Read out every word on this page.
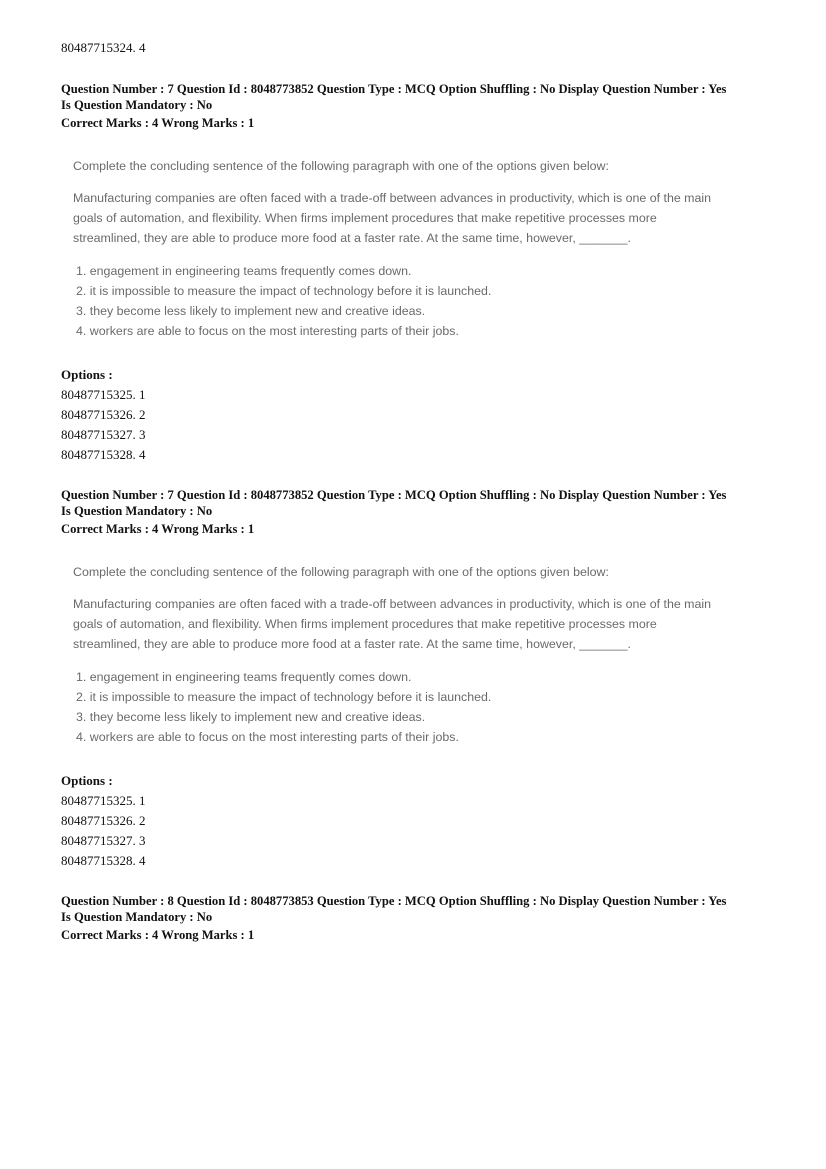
80487715324. 4
Question Number : 7 Question Id : 8048773852 Question Type : MCQ Option Shuffling : No Display Question Number : Yes
Is Question Mandatory : No
Correct Marks : 4 Wrong Marks : 1
Complete the concluding sentence of the following paragraph with one of the options given below:
Manufacturing companies are often faced with a trade-off between advances in productivity, which is one of the main
goals of automation, and flexibility. When firms implement procedures that make repetitive processes more
streamlined, they are able to produce more food at a faster rate. At the same time, however, _______.
1. engagement in engineering teams frequently comes down.
2. it is impossible to measure the impact of technology before it is launched.
3. they become less likely to implement new and creative ideas.
4. workers are able to focus on the most interesting parts of their jobs.
Options :
80487715325. 1
80487715326. 2
80487715327. 3
80487715328. 4
Question Number : 7 Question Id : 8048773852 Question Type : MCQ Option Shuffling : No Display Question Number : Yes
Is Question Mandatory : No
Correct Marks : 4 Wrong Marks : 1
Complete the concluding sentence of the following paragraph with one of the options given below:
Manufacturing companies are often faced with a trade-off between advances in productivity, which is one of the main
goals of automation, and flexibility. When firms implement procedures that make repetitive processes more
streamlined, they are able to produce more food at a faster rate. At the same time, however, _______.
1. engagement in engineering teams frequently comes down.
2. it is impossible to measure the impact of technology before it is launched.
3. they become less likely to implement new and creative ideas.
4. workers are able to focus on the most interesting parts of their jobs.
Options :
80487715325. 1
80487715326. 2
80487715327. 3
80487715328. 4
Question Number : 8 Question Id : 8048773853 Question Type : MCQ Option Shuffling : No Display Question Number : Yes
Is Question Mandatory : No
Correct Marks : 4 Wrong Marks : 1
